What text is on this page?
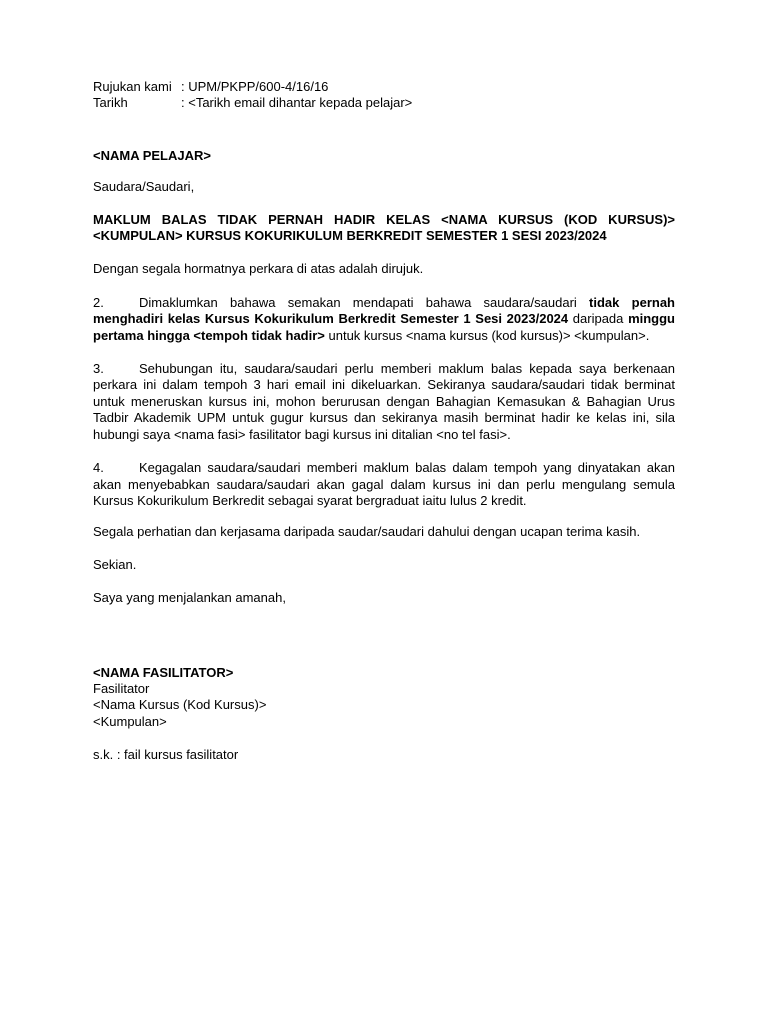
Rujukan kami : UPM/PKPP/600-4/16/16
Tarikh	: <Tarikh email dihantar kepada pelajar>

<NAMA PELAJAR>

Saudara/Saudari,

MAKLUM BALAS TIDAK PERNAH HADIR KELAS <NAMA KURSUS (KOD KURSUS)> <KUMPULAN> KURSUS KOKURIKULUM BERKREDIT SEMESTER 1 SESI 2023/2024

Dengan segala hormatnya perkara di atas adalah dirujuk.

2.	Dimaklumkan bahawa semakan mendapati bahawa saudara/saudari tidak pernah menghadiri kelas Kursus Kokurikulum Berkredit Semester 1 Sesi 2023/2024 daripada minggu pertama hingga <tempoh tidak hadir> untuk kursus <nama kursus (kod kursus)> <kumpulan>.

3.	Sehubungan itu, saudara/saudari perlu memberi maklum balas kepada saya berkenaan perkara ini dalam tempoh 3 hari email ini dikeluarkan. Sekiranya saudara/saudari tidak berminat untuk meneruskan kursus ini, mohon berurusan dengan Bahagian Kemasukan & Bahagian Urus Tadbir Akademik UPM untuk gugur kursus dan sekiranya masih berminat hadir ke kelas ini, sila hubungi saya <nama fasi> fasilitator bagi kursus ini ditalian <no tel fasi>.

4.	Kegagalan saudara/saudari memberi maklum balas dalam tempoh yang dinyatakan akan akan menyebabkan saudara/saudari akan gagal dalam kursus ini dan perlu mengulang semula Kursus Kokurikulum Berkredit sebagai syarat bergraduat iaitu lulus 2 kredit.

Segala perhatian dan kerjasama daripada saudar/saudari dahului dengan ucapan terima kasih.

Sekian.

Saya yang menjalankan amanah,

<NAMA FASILITATOR>
Fasilitator
<Nama Kursus (Kod Kursus)>
<Kumpulan>

s.k. : fail kursus fasilitator
